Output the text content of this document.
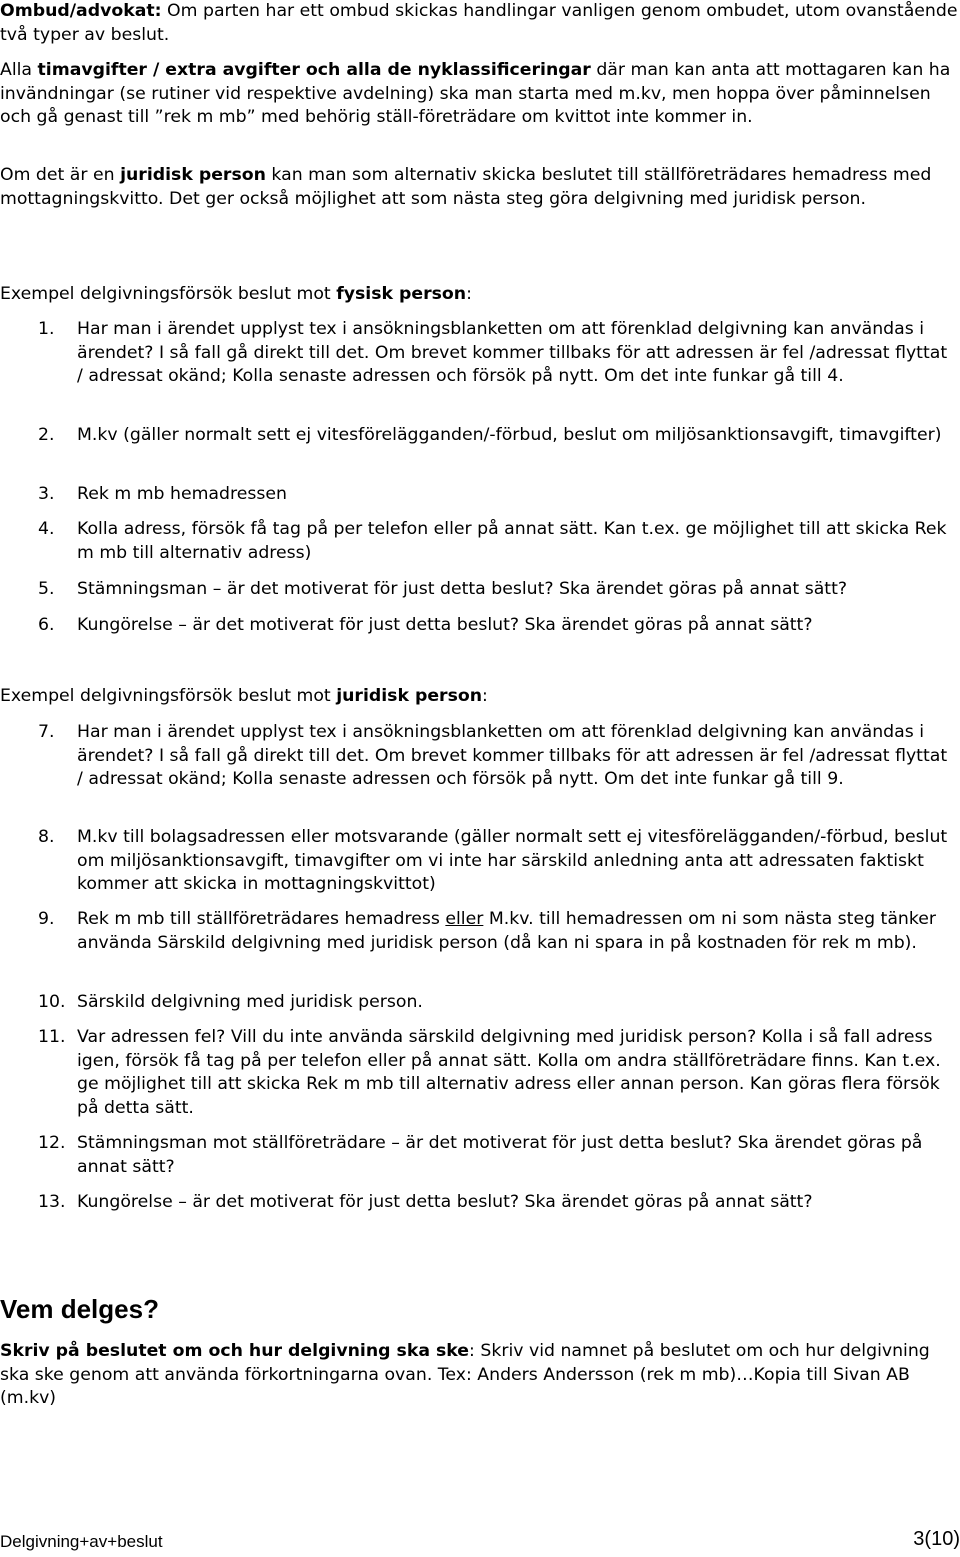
Ombud/advokat: Om parten har ett ombud skickas handlingar vanligen genom ombudet, utom ovanstående två typer av beslut.

Alla timavgifter / extra avgifter och alla de nyklassificeringar där man kan anta att mottagaren kan ha invändningar (se rutiner vid respektive avdelning) ska man starta med m.kv, men hoppa över påminnelsen och gå genast till ”rek m mb” med behörig ställ-företrädare om kvittot inte kommer in.

Om det är en juridisk person kan man som alternativ skicka beslutet till ställföreträdares hemadress med mottagningskvitto. Det ger också möjlighet att som nästa steg göra delgivning med juridisk person.

Exempel delgivningsförsök beslut mot fysisk person:

1. Har man i ärendet upplyst tex i ansökningsblanketten om att förenklad delgivning kan användas i ärendet? I så fall gå direkt till det. Om brevet kommer tillbaks för att adressen är fel /adressat flyttat / adressat okänd; Kolla senaste adressen och försök på nytt. Om det inte funkar gå till 4.
2. M.kv (gäller normalt sett ej vitesförelägganden/-förbud, beslut om miljösanktionsavgift, timavgifter)
3. Rek m mb hemadressen
4. Kolla adress, försök få tag på per telefon eller på annat sätt. Kan t.ex. ge möjlighet till att skicka Rek m mb till alternativ adress)
5. Stämningsman – är det motiverat för just detta beslut? Ska ärendet göras på annat sätt?
6. Kungörelse – är det motiverat för just detta beslut? Ska ärendet göras på annat sätt?

Exempel delgivningsförsök beslut mot juridisk person:

7. Har man i ärendet upplyst tex i ansökningsblanketten om att förenklad delgivning kan användas i ärendet? I så fall gå direkt till det. Om brevet kommer tillbaks för att adressen är fel /adressat flyttat / adressat okänd; Kolla senaste adressen och försök på nytt. Om det inte funkar gå till 9.
8. M.kv till bolagsadressen eller motsvarande (gäller normalt sett ej vitesförelägganden/-förbud, beslut om miljösanktionsavgift, timavgifter om vi inte har särskild anledning anta att adressaten faktiskt kommer att skicka in mottagningskvittot)
9. Rek m mb till ställföreträdares hemadress eller M.kv. till hemadressen om ni som nästa steg tänker använda Särskild delgivning med juridisk person (då kan ni spara in på kostnaden för rek m mb).
10. Särskild delgivning med juridisk person.
11. Var adressen fel? Vill du inte använda särskild delgivning med juridisk person? Kolla i så fall adress igen, försök få tag på per telefon eller på annat sätt. Kolla om andra ställföreträdare finns. Kan t.ex. ge möjlighet till att skicka Rek m mb till alternativ adress eller annan person. Kan göras flera försök på detta sätt.
12. Stämningsman mot ställföreträdare – är det motiverat för just detta beslut? Ska ärendet göras på annat sätt?
13. Kungörelse – är det motiverat för just detta beslut? Ska ärendet göras på annat sätt?
Vem delges?

Skriv på beslutet om och hur delgivning ska ske: Skriv vid namnet på beslutet om och hur delgivning ska ske genom att använda förkortningarna ovan. Tex: Anders Andersson (rek m mb)…Kopia till Sivan AB (m.kv)

Delgivning+av+beslut	3(10)
